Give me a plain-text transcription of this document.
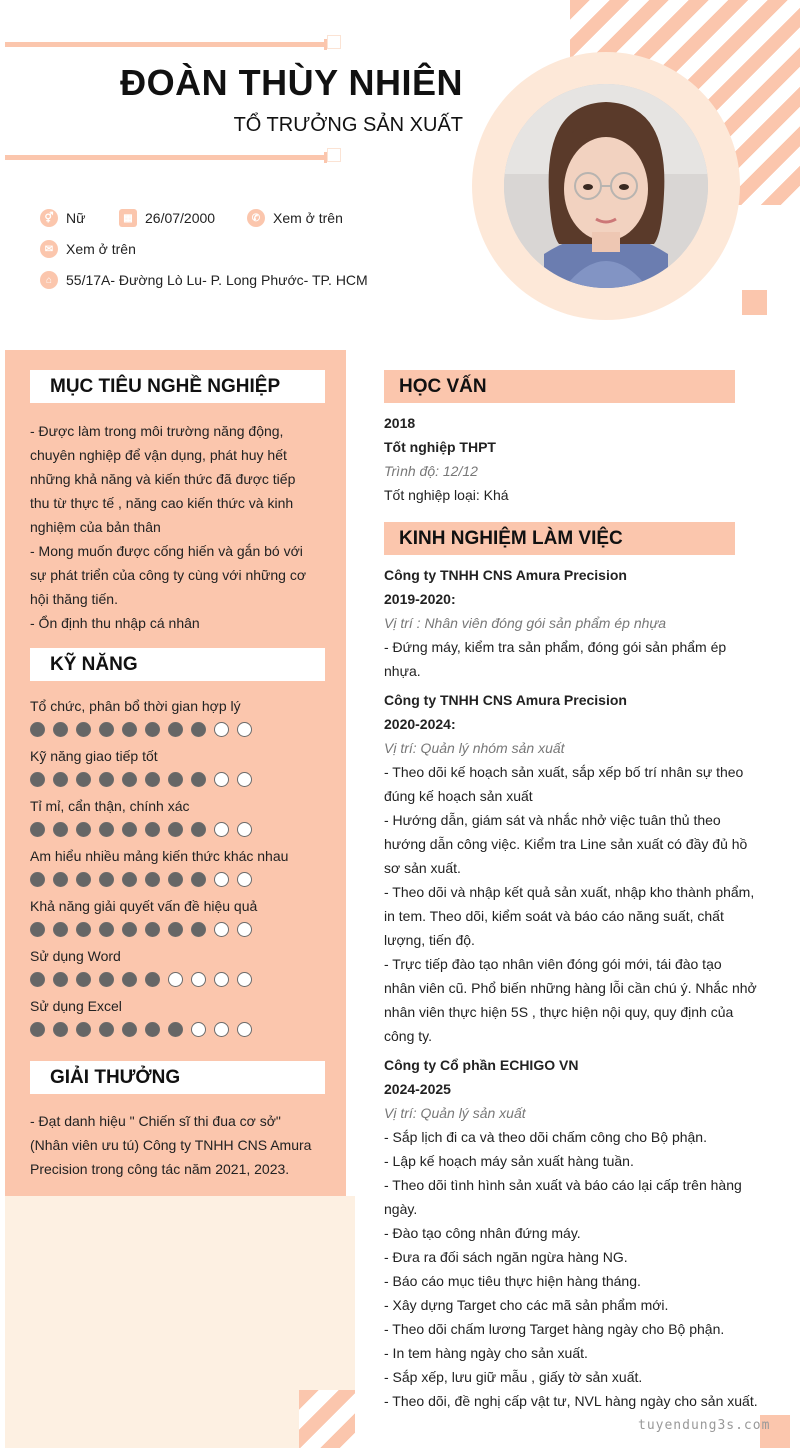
ĐOÀN THÙY NHIÊN
TỔ TRƯỞNG SẢN XUẤT
⚥ Nữ	▦ 26/07/2000	✆ Xem ở trên
✉ Xem ở trên
⌂ 55/17A- Đường Lò Lu- P. Long Phước- TP. HCM
MỤC TIÊU NGHỀ NGHIỆP
- Được làm trong môi trường năng động,
chuyên nghiệp để vận dụng, phát huy hết
những khả năng và kiến thức đã được tiếp
thu từ thực tế , năng cao kiến thức và kinh
nghiệm của bản thân
- Mong muốn được cống hiến và gắn bó với
sự phát triển của công ty cùng với những cơ
hội thăng tiến.
- Ổn định thu nhập cá nhân
KỸ NĂNG
Tổ chức, phân bổ thời gian hợp lý
Kỹ năng giao tiếp tốt
Tỉ mỉ, cẩn thận, chính xác
Am hiểu nhiều mảng kiến thức khác nhau
Khả năng giải quyết vấn đề hiệu quả
Sử dụng Word
Sử dụng Excel
GIẢI THƯỞNG
- Đạt danh hiệu " Chiến sĩ thi đua cơ sở"
(Nhân viên ưu tú) Công ty TNHH CNS Amura
Precision trong công tác năm 2021, 2023.
HỌC VẤN

2018

Tốt nghiệp THPT

Trình độ: 12/12

Tốt nghiệp loại: Khá

KINH NGHIỆM LÀM VIỆC

Công ty TNHH CNS Amura Precision

2019-2020:

Vị trí : Nhân viên đóng gói sản phẩm ép nhựa

- Đứng máy, kiểm tra sản phẩm, đóng gói sản phẩm ép

nhựa.

Công ty TNHH CNS Amura Precision

2020-2024:

Vị trí: Quản lý nhóm sản xuất

- Theo dõi kế hoạch sản xuất, sắp xếp bố trí nhân sự theo

đúng kế hoạch sản xuất

- Hướng dẫn, giám sát và nhắc nhở việc tuân thủ theo

hướng dẫn công việc. Kiểm tra Line sản xuất có đầy đủ hồ

sơ sản xuất.

- Theo dõi và nhập kết quả sản xuất, nhập kho thành phẩm,

in tem. Theo dõi, kiểm soát và báo cáo năng suất, chất

lượng, tiến độ.

- Trực tiếp đào tạo nhân viên đóng gói mới, tái đào tạo

nhân viên cũ. Phổ biến những hàng lỗi cần chú ý. Nhắc nhở

nhân viên thực hiện 5S , thực hiện nội quy, quy định của

công ty.

Công ty Cổ phần ECHIGO VN

2024-2025

Vị trí: Quản lý sản xuất

- Sắp lịch đi ca và theo dõi chấm công cho Bộ phận.

- Lập kế hoạch máy sản xuất hàng tuần.

- Theo dõi tình hình sản xuất và báo cáo lại cấp trên hàng

ngày.

- Đào tạo công nhân đứng máy.

- Đưa ra đối sách ngăn ngừa hàng NG.

- Báo cáo mục tiêu thực hiện hàng tháng.

- Xây dựng Target cho các mã sản phẩm mới.

- Theo dõi chấm lương Target hàng ngày cho Bộ phận.

- In tem hàng ngày cho sản xuất.

- Sắp xếp, lưu giữ mẫu , giấy tờ sản xuất.

- Theo dõi, đề nghị cấp vật tư, NVL hàng ngày cho sản xuất.

tuyendung3s.com
